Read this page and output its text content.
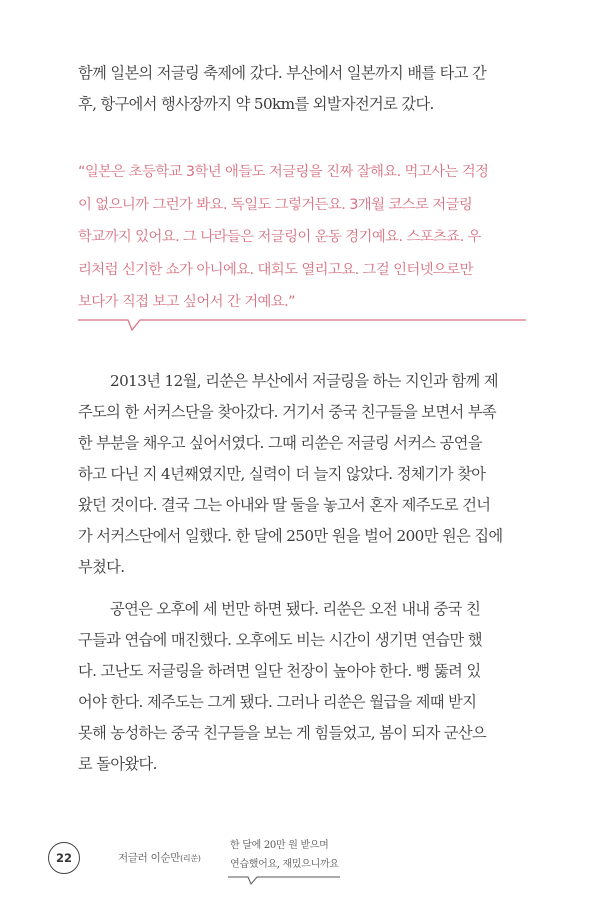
함께 일본의 저글링 축제에 갔다. 부산에서 일본까지 배를 타고 간
후, 항구에서 행사장까지 약 50km를 외발자전거로 갔다.
“일본은 초등학교 3학년 애들도 저글링을 진짜 잘해요. 먹고사는 걱정
이 없으니까 그런가 봐요. 독일도 그렇거든요. 3개월 코스로 저글링
학교까지 있어요. 그 나라들은 저글링이 운동 경기예요. 스포츠죠. 우
리처럼 신기한 쇼가 아니에요. 대회도 열리고요. 그걸 인터넷으로만
보다가 직접 보고 싶어서 간 거예요.”
2013년 12월, 리쑨은 부산에서 저글링을 하는 지인과 함께 제
주도의 한 서커스단을 찾아갔다. 거기서 중국 친구들을 보면서 부족
한 부분을 채우고 싶어서였다. 그때 리쑨은 저글링 서커스 공연을
하고 다닌 지 4년째였지만, 실력이 더 늘지 않았다. 정체기가 찾아
왔던 것이다. 결국 그는 아내와 딸 둘을 놓고서 혼자 제주도로 건너
가 서커스단에서 일했다. 한 달에 250만 원을 벌어 200만 원은 집에
부쳤다.
공연은 오후에 세 번만 하면 됐다. 리쑨은 오전 내내 중국 친
구들과 연습에 매진했다. 오후에도 비는 시간이 생기면 연습만 했
다. 고난도 저글링을 하려면 일단 천장이 높아야 한다. 뻥 뚫려 있
어야 한다. 제주도는 그게 됐다. 그러나 리쑨은 월급을 제때 받지
못해 농성하는 중국 친구들을 보는 게 힘들었고, 봄이 되자 군산으
로 돌아왔다.
22	저글러 이순만(리쑨)
한 달에 20만 원 받으며
연습했어요, 재밌으니까요
